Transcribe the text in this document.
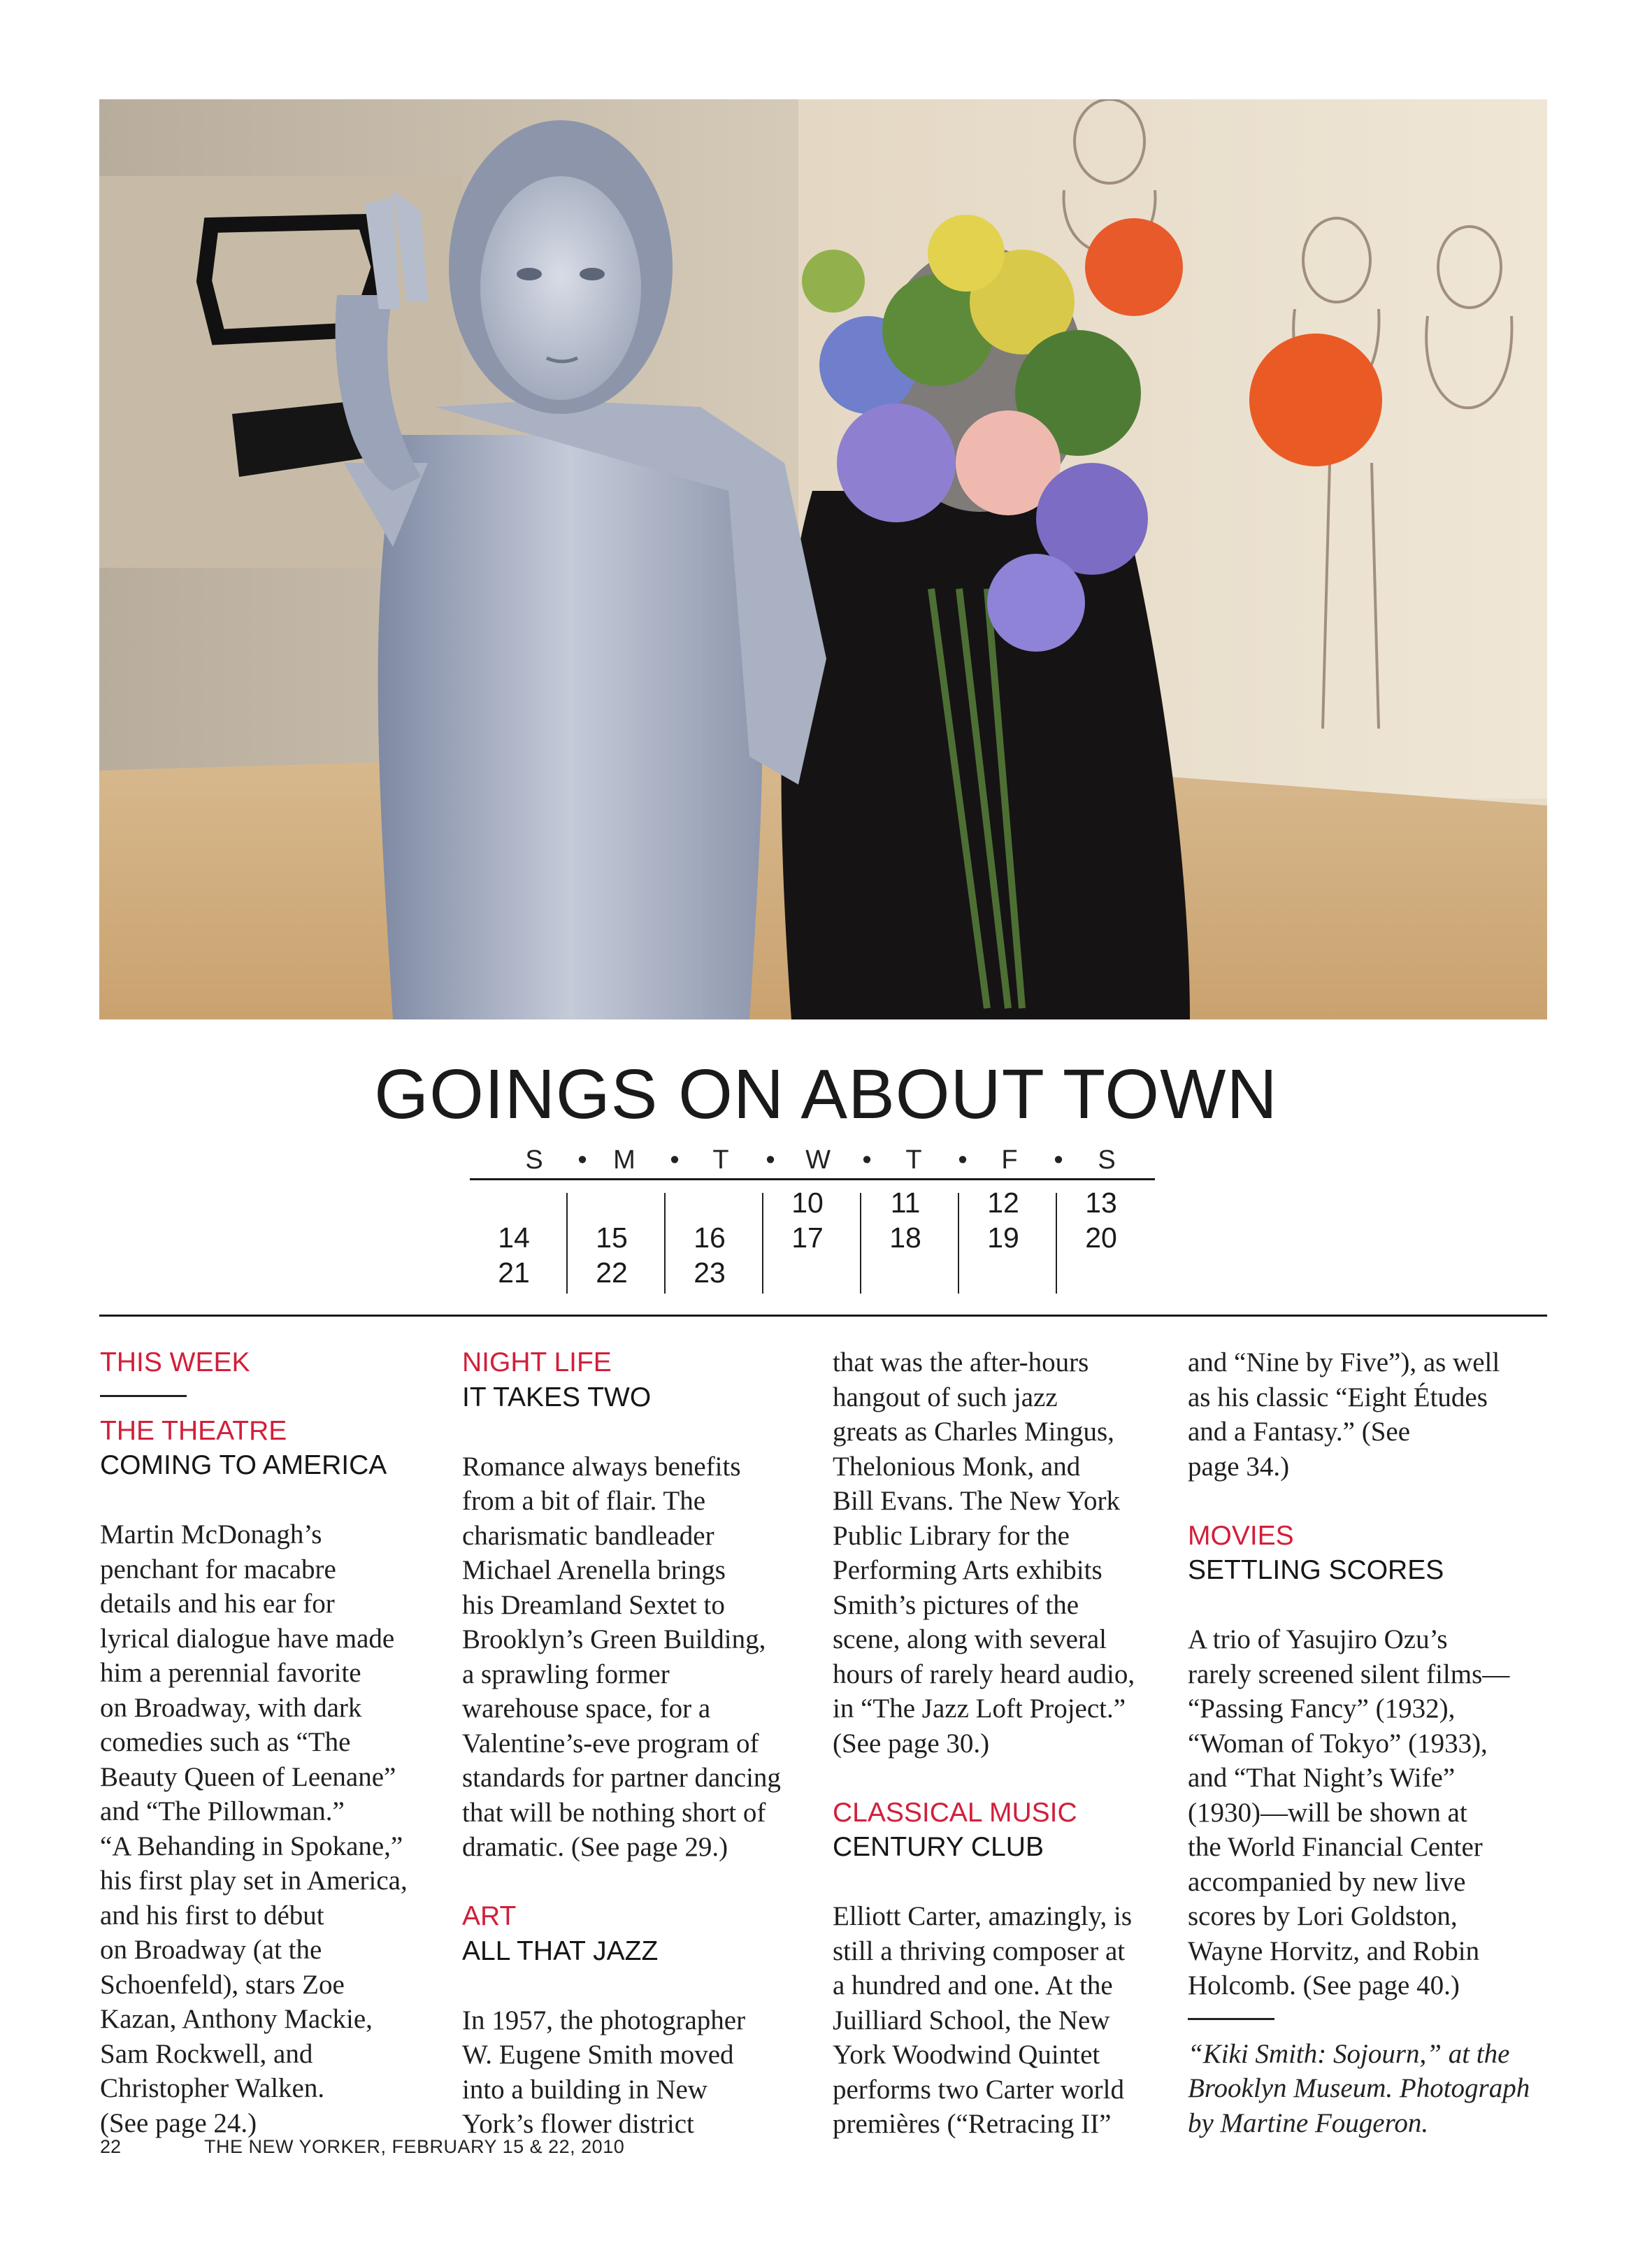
GOINGS ON ABOUT TOWN
S • M • T • W • T • F • S
14
21
15
22
16
23
10
17
11
18
12
19
13
20
THIS WEEK
THE THEATRE
COMING TO AMERICA

Martin McDonagh’s

penchant for macabre

details and his ear for

lyrical dialogue have made

him a perennial favorite

on Broadway, with dark

comedies such as “The

Beauty Queen of Leenane”

and “The Pillowman.”

“A Behanding in Spokane,”

his first play set in America,

and his first to début

on Broadway (at the

Schoenfeld), stars Zoe

Kazan, Anthony Mackie,

Sam Rockwell, and

Christopher Walken.

(See page 24.)

NIGHT LIFE
IT TAKES TWO

Romance always benefits

from a bit of flair. The

charismatic bandleader

Michael Arenella brings

his Dreamland Sextet to

Brooklyn’s Green Building,

a sprawling former

warehouse space, for a

Valentine’s-eve program of

standards for partner dancing

that will be nothing short of

dramatic. (See page 29.)

ART
ALL THAT JAZZ

In 1957, the photographer

W. Eugene Smith moved

into a building in New

York’s flower district

that was the after-hours

hangout of such jazz

greats as Charles Mingus,

Thelonious Monk, and

Bill Evans. The New York

Public Library for the

Performing Arts exhibits

Smith’s pictures of the

scene, along with several

hours of rarely heard audio,

in “The Jazz Loft Project.”

(See page 30.)

CLASSICAL MUSIC
CENTURY CLUB

Elliott Carter, amazingly, is

still a thriving composer at

a hundred and one. At the

Juilliard School, the New

York Woodwind Quintet

performs two Carter world

premières (“Retracing II”

and “Nine by Five”), as well

as his classic “Eight Études

and a Fantasy.” (See

page 34.)

MOVIES
SETTLING SCORES

A trio of Yasujiro Ozu’s

rarely screened silent films—

“Passing Fancy” (1932),

“Woman of Tokyo” (1933),

and “That Night’s Wife”

(1930)—will be shown at

the World Financial Center

accompanied by new live

scores by Lori Goldston,

Wayne Horvitz, and Robin

Holcomb. (See page 40.)

“Kiki Smith: Sojourn,” at the

Brooklyn Museum. Photograph

by Martine Fougeron.

22	THE NEW YORKER, FEBRUARY 15 & 22, 2010
